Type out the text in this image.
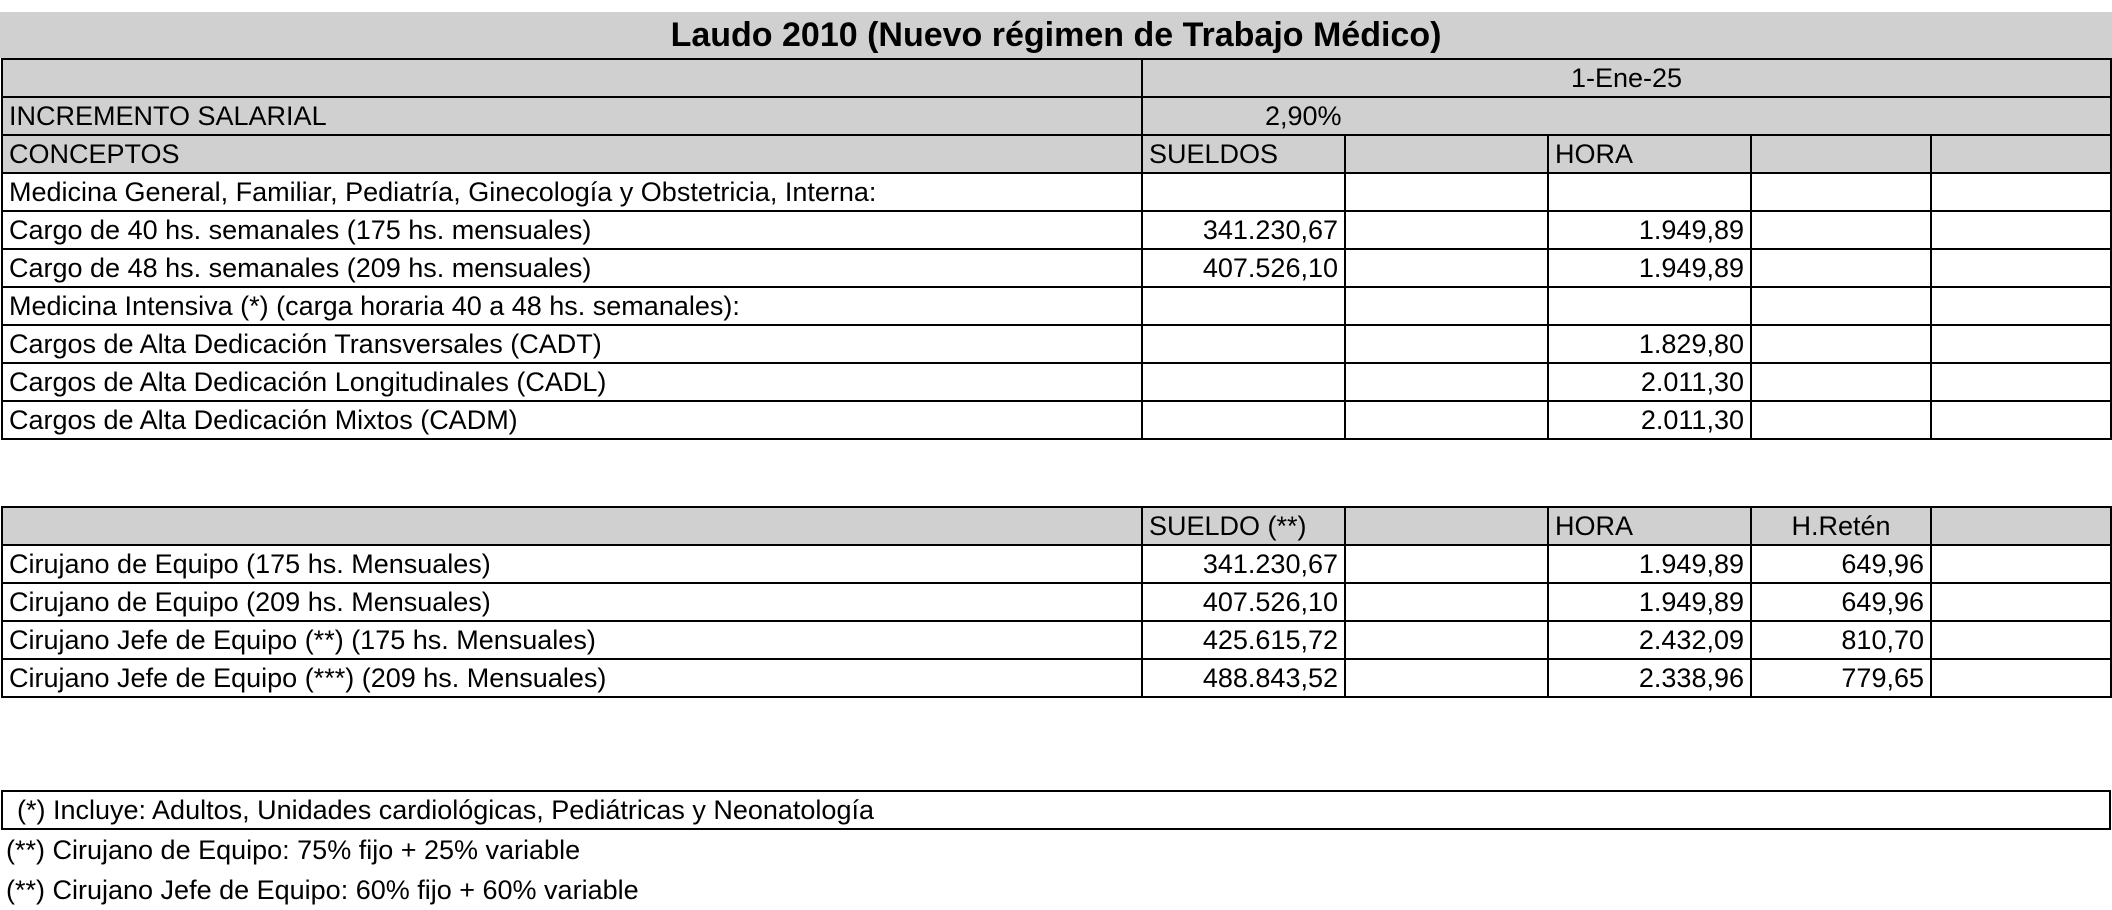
Laudo 2010 (Nuevo régimen de Trabajo Médico)
	1-Ene-25				
INCREMENTO SALARIAL	2,90%				
CONCEPTOS	SUELDOS		HORA		
Medicina General, Familiar, Pediatría, Ginecología y Obstetricia, Interna:					
Cargo de 40 hs. semanales (175 hs. mensuales)	341.230,67		1.949,89		
Cargo de 48 hs. semanales (209 hs. mensuales)	407.526,10		1.949,89		
Medicina Intensiva (*) (carga horaria 40 a 48 hs. semanales):					
Cargos de Alta Dedicación Transversales (CADT)			1.829,80		
Cargos de Alta Dedicación Longitudinales (CADL)			2.011,30		
Cargos de Alta Dedicación Mixtos (CADM)			2.011,30		
	SUELDO (**)		HORA	H.Retén	
Cirujano de Equipo (175 hs. Mensuales)	341.230,67		1.949,89	649,96	
Cirujano de Equipo (209 hs. Mensuales)	407.526,10		1.949,89	649,96	
Cirujano Jefe de Equipo (**) (175 hs. Mensuales)	425.615,72		2.432,09	810,70	
Cirujano Jefe de Equipo (***) (209 hs. Mensuales)	488.843,52		2.338,96	779,65	
(*) Incluye: Adultos, Unidades cardiológicas, Pediátricas y Neonatología
(**) Cirujano de Equipo: 75% fijo + 25% variable
(**) Cirujano Jefe de Equipo: 60% fijo + 60% variable
